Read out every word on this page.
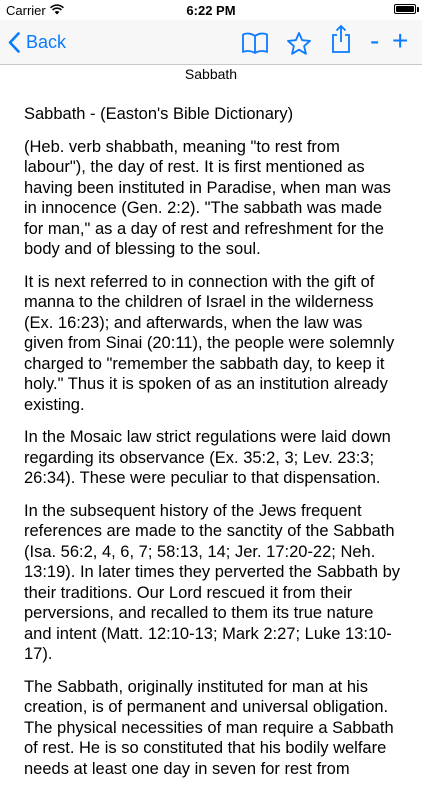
Carrier	6:22 PM
Back	- +
Sabbath
Sabbath - (Easton's Bible Dictionary)

(Heb. verb shabbath, meaning "to rest from labour"), the day of rest. It is first mentioned as having been instituted in Paradise, when man was in innocence (Gen. 2:2). "The sabbath was made for man," as a day of rest and refreshment for the body and of blessing to the soul.

It is next referred to in connection with the gift of manna to the children of Israel in the wilderness (Ex. 16:23); and afterwards, when the law was given from Sinai (20:11), the people were solemnly charged to "remember the sabbath day, to keep it holy." Thus it is spoken of as an institution already existing.

In the Mosaic law strict regulations were laid down regarding its observance (Ex. 35:2, 3; Lev. 23:3; 26:34). These were peculiar to that dispensation.

In the subsequent history of the Jews frequent references are made to the sanctity of the Sabbath (Isa. 56:2, 4, 6, 7; 58:13, 14; Jer. 17:20-22; Neh. 13:19). In later times they perverted the Sabbath by their traditions. Our Lord rescued it from their perversions, and recalled to them its true nature and intent (Matt. 12:10-13; Mark 2:27; Luke 13:10-17).

The Sabbath, originally instituted for man at his creation, is of permanent and universal obligation. The physical necessities of man require a Sabbath of rest. He is so constituted that his bodily welfare needs at least one day in seven for rest from
